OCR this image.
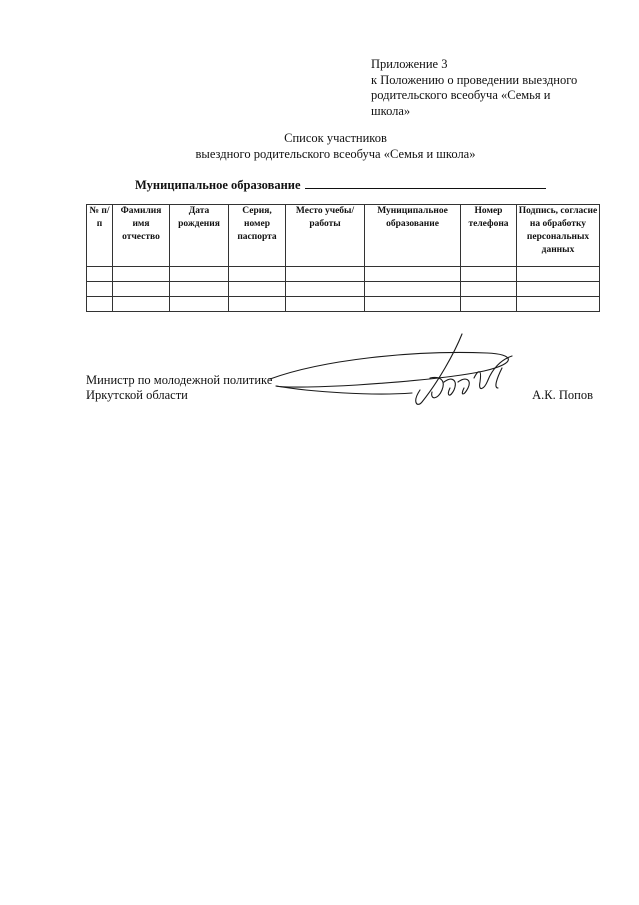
Приложение 3
к Положению о проведении выездного
родительского всеобуча «Семья и
школа»
Список участников
выездного родительского всеобуча «Семья и школа»
Муниципальное образование
№ п/п	Фамилия имя отчество	Дата рождения	Серия, номер паспорта	Место учебы/работы	Муниципальное образование	Номер телефона	Подпись, согласие на обработку персональных данных

Министр по молодежной политике
Иркутской области	А.К. Попов
